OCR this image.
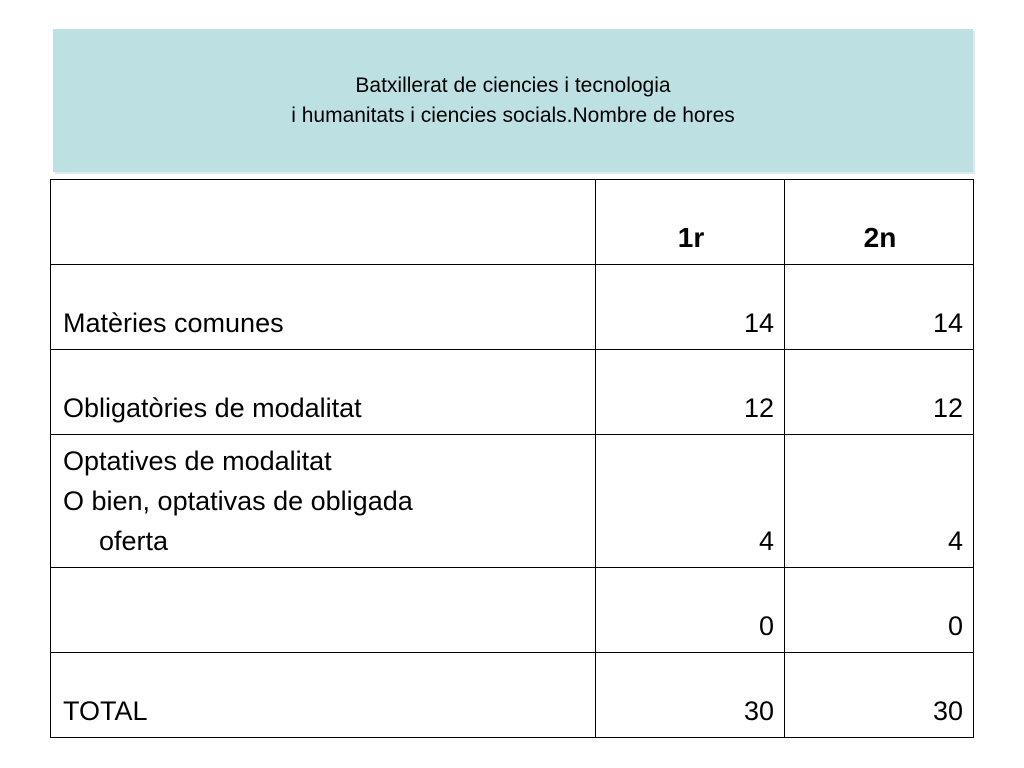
Batxillerat de ciencies i tecnologia
i humanitats i ciencies socials.Nombre de hores
	1r	2n

Matèries comunes	14	14

Obligatòries de modalitat	12	12

Optatives de modalitat
O bien, optativas de obligada
oferta	4	4

	0	0

TOTAL	30	30
